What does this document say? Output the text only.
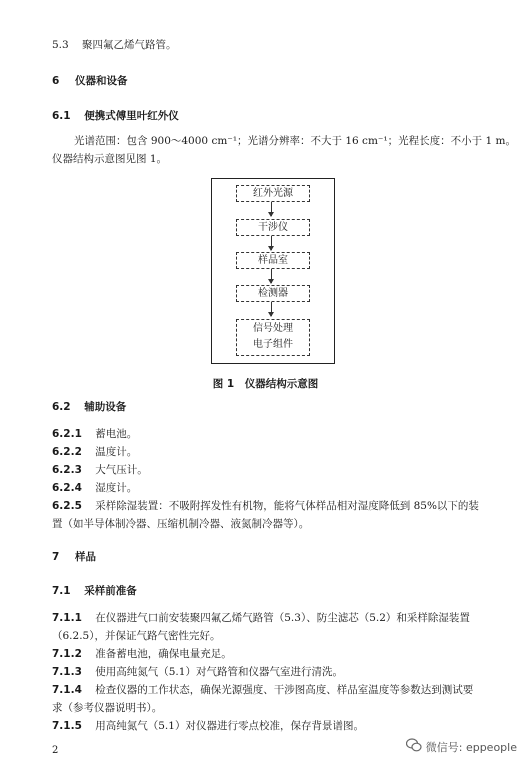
5.3 聚四氟乙烯气路管。
6 仪器和设备
6.1 便携式傅里叶红外仪
光谱范围：包含 900～4000 cm⁻¹；光谱分辨率：不大于 16 cm⁻¹；光程长度：不小于 1 m。
仪器结构示意图见图 1。
红外光源
干涉仪
样品室
检测器
信号处理
电子组件
图 1　仪器结构示意图
6.2 辅助设备
6.2.1 蓄电池。
6.2.2 温度计。
6.2.3 大气压计。
6.2.4 湿度计。
6.2.5 采样除湿装置：不吸附挥发性有机物，能将气体样品相对湿度降低到 85%以下的装
置（如半导体制冷器、压缩机制冷器、液氮制冷器等）。
7 样品
7.1 采样前准备
7.1.1 在仪器进气口前安装聚四氟乙烯气路管（5.3）、防尘滤芯（5.2）和采样除湿装置
（6.2.5），并保证气路气密性完好。
7.1.2 准备蓄电池，确保电量充足。
7.1.3 使用高纯氮气（5.1）对气路管和仪器气室进行清洗。
7.1.4 检查仪器的工作状态，确保光源强度、干涉图高度、样品室温度等参数达到测试要
求（参考仪器说明书）。
7.1.5 用高纯氮气（5.1）对仪器进行零点校准，保存背景谱图。
2	微信号: eppeople
